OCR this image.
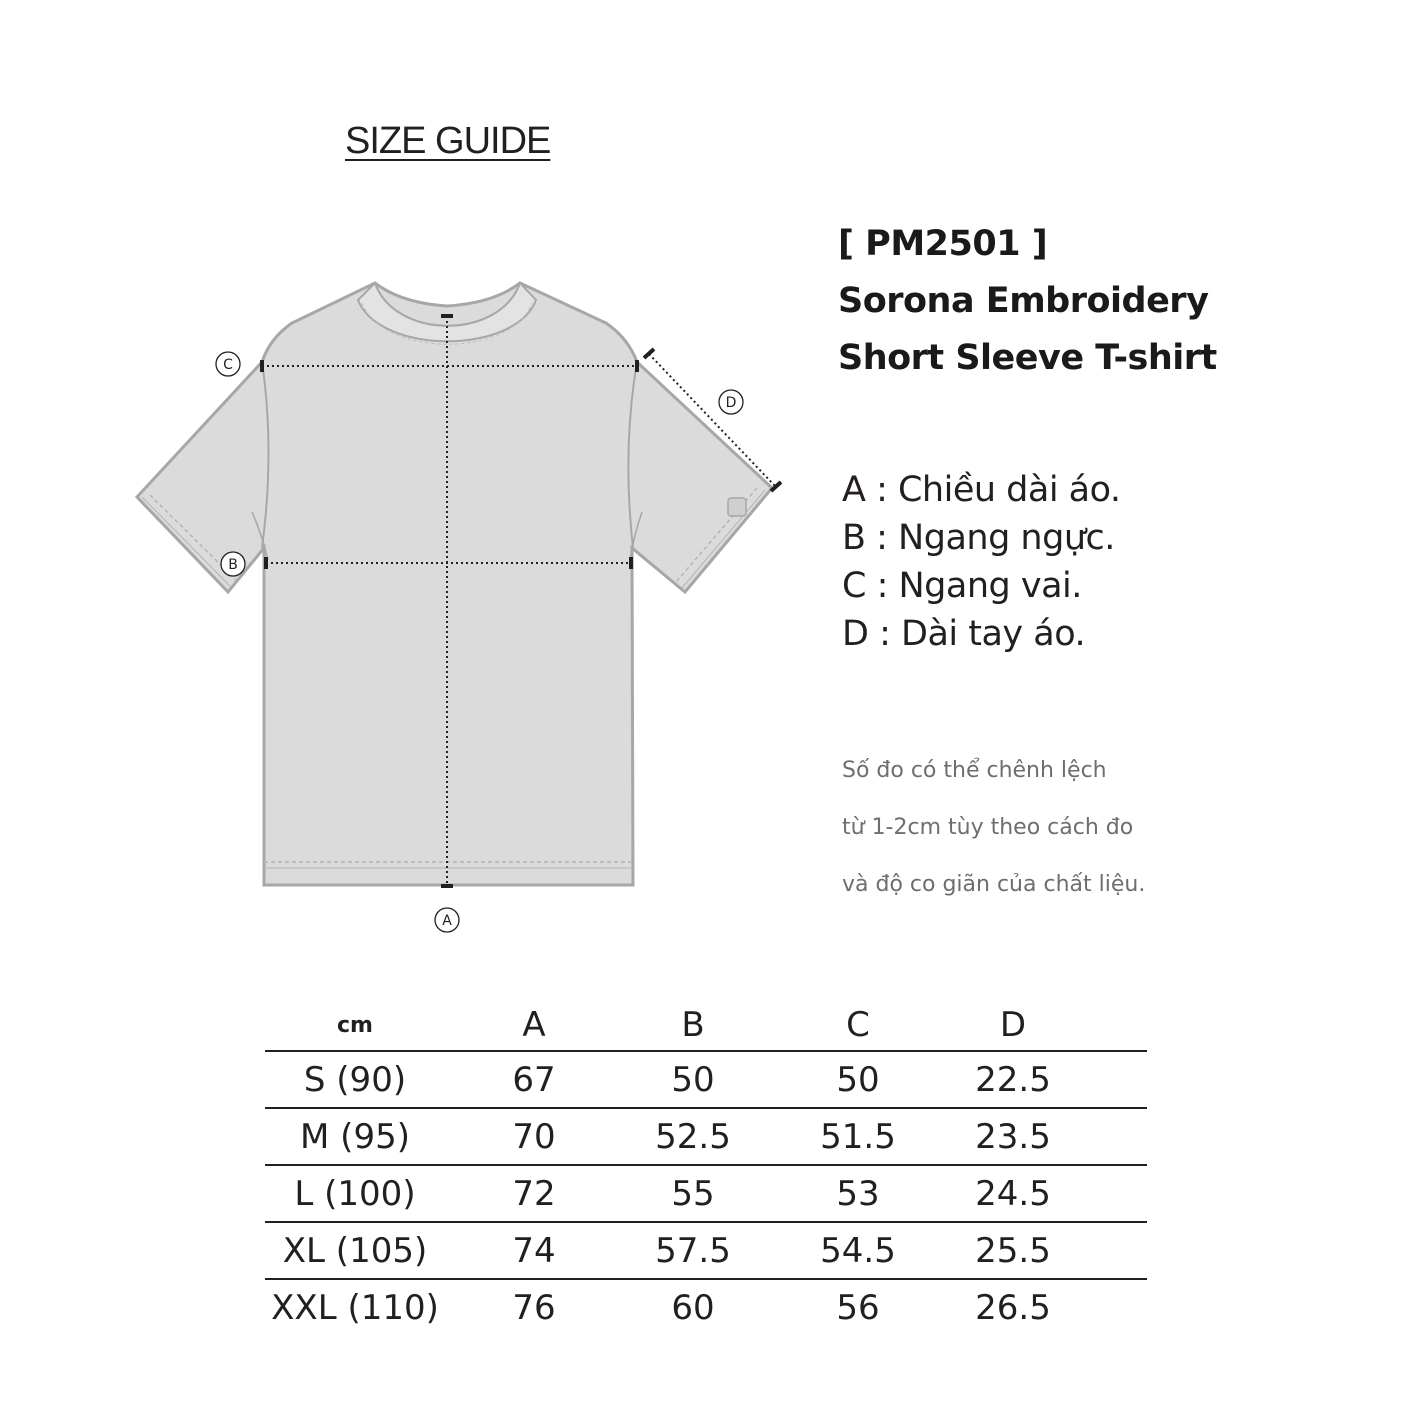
SIZE GUIDE
C
B
D
A
[ PM2501 ]
Sorona Embroidery
Short Sleeve T-shirt
A : Chiều dài áo.
B : Ngang ngực.
C : Ngang vai.
D : Dài tay áo.
Số đo có thể chênh lệch
từ 1-2cm tùy theo cách đo
và độ co giãn của chất liệu.
cm	A	B	C	D	
S (90)	67	50	50	22.5	
M (95)	70	52.5	51.5	23.5	
L (100)	72	55	53	24.5	
XL (105)	74	57.5	54.5	25.5	
XXL (110)	76	60	56	26.5	
